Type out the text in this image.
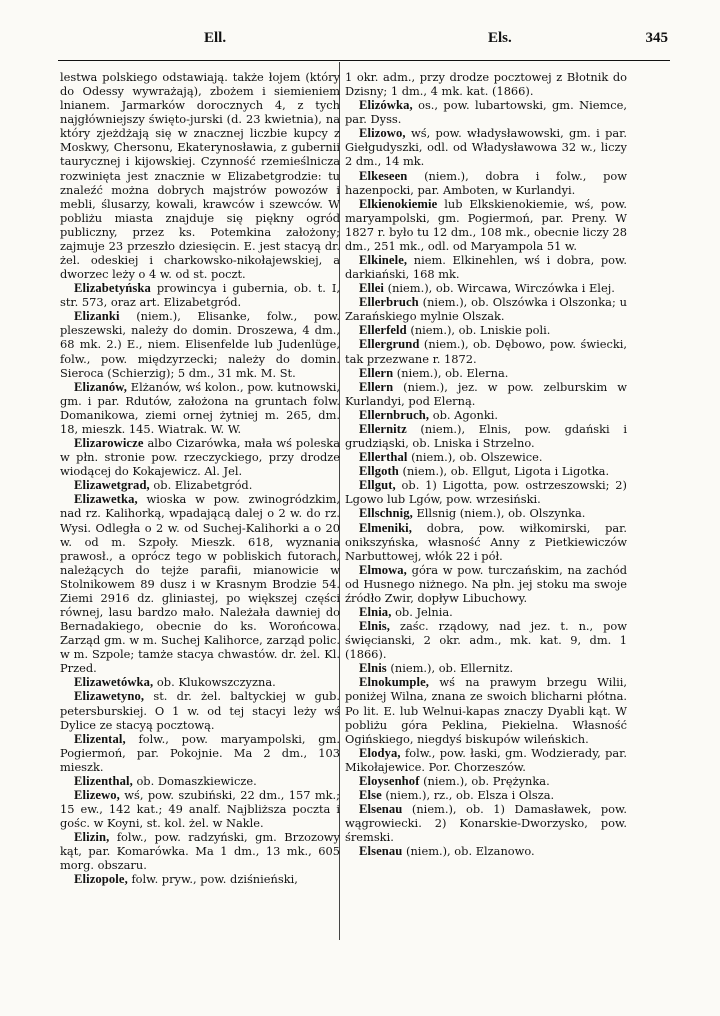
Ell.	Els.	345
lestwa polskiego odstawiają. także łojem (który do Odessy wywrażają), zbożem i siemieniem lnianem. Jarmarków dorocznych 4, z tych najgłówniejszy święto-jurski (d. 23 kwietnia), na który zjeżdżają się w znacznej liczbie kupcy z Moskwy, Chersonu, Ekaterynosławia, z gubernii taurycznej i kijowskiej. Czynność rzemieślnicza rozwinięta jest znacznie w Elizabetgrodzie: tu znaleźć można dobrych majstrów powozów i mebli, ślusarzy, kowali, krawców i szewców. W pobliżu miasta znajduje się piękny ogród publiczny, przez ks. Potemkina założony; zajmuje 23 przeszło dziesięcin. E. jest stacyą dr. żel. odeskiej i charkowsko-nikołajewskiej, a dworzec leży o 4 w. od st. poczt.
Elizabetyńska prowincya i gubernia, ob. t. I, str. 573, oraz art. Elizabetgród.
Elizanki (niem.), Elisanke, folw., pow. pleszewski, należy do domin. Droszewa, 4 dm., 68 mk. 2.) E., niem. Elisenfelde lub Judenlüge, folw., pow. międzyrzecki; należy do domin. Sieroca (Schierzig); 5 dm., 31 mk. M. St.
Elizanów, Elżanów, wś kolon., pow. kutnowski, gm. i par. Rdutów, założona na gruntach folw. Domanikowa, ziemi ornej żytniej m. 265, dm. 18, mieszk. 145. Wiatrak. W. W.
Elizarowicze albo Cizarówka, mała wś poleska w płn. stronie pow. rzeczyckiego, przy drodze wiodącej do Kokajewicz. Al. Jel.
Elizawetgrad, ob. Elizabetgród.
Elizawetka, wioska w pow. zwinogródzkim, nad rz. Kalihorką, wpadającą dalej o 2 w. do rz. Wysi. Odległa o 2 w. od Suchej-Kalihorki a o 20 w. od m. Szpoły. Mieszk. 618, wyznania prawosł., a oprócz tego w pobliskich futorach, należących do tejże parafii, mianowicie w Stolnikowem 89 dusz i w Krasnym Brodzie 54. Ziemi 2916 dz. gliniastej, po większej części równej, lasu bardzo mało. Należała dawniej do Bernadakiego, obecnie do ks. Worońcowa. Zarząd gm. w m. Suchej Kalihorce, zarząd polic. w m. Szpole; tamże stacya chwastów. dr. żel. Kl. Przed.
Elizawetówka, ob. Klukowszczyzna.
Elizawetyno, st. dr. żel. baltyckiej w gub. petersburskiej. O 1 w. od tej stacyi leży wś Dylice ze stacyą pocztową.
Elizental, folw., pow. maryampolski, gm. Pogiermoń, par. Pokojnie. Ma 2 dm., 103 mieszk.
Elizenthal, ob. Domaszkiewicze.
Elizewo, wś, pow. szubiński, 22 dm., 157 mk.; 15 ew., 142 kat.; 49 analf. Najbliższa poczta i gośc. w Koyni, st. kol. żel. w Nakle.
Elizin, folw., pow. radzyński, gm. Brzozowy kąt, par. Komarówka. Ma 1 dm., 13 mk., 605 morg. obszaru.
Elizopole, folw. pryw., pow. dziśnieński,
1 okr. adm., przy drodze pocztowej z Błotnik do Dzisny; 1 dm., 4 mk. kat. (1866).
Elizówka, os., pow. lubartowski, gm. Niemce, par. Dyss.
Elizowo, wś, pow. władysławowski, gm. i par. Giełgudyszki, odl. od Władysławowa 32 w., liczy 2 dm., 14 mk.
Elkeseen (niem.), dobra i folw., pow hazenpocki, par. Amboten, w Kurlandyi.
Elkienokiemie lub Elkskienokiemie, wś, pow. maryampolski, gm. Pogiermoń, par. Preny. W 1827 r. było tu 12 dm., 108 mk., obecnie liczy 28 dm., 251 mk., odl. od Maryampola 51 w.
Elkinele, niem. Elkinehlen, wś i dobra, pow. darkiański, 168 mk.
Ellei (niem.), ob. Wircawa, Wirczówka i Elej.
Ellerbruch (niem.), ob. Olszówka i Olszonka; u Zarańskiego mylnie Olszak.
Ellerfeld (niem.), ob. Lniskie poli.
Ellergrund (niem.), ob. Dębowo, pow. świecki, tak przezwane r. 1872.
Ellern (niem.), ob. Elerna.
Ellern (niem.), jez. w pow. zelburskim w Kurlandyi, pod Elerną.
Ellernbruch, ob. Agonki.
Ellernitz (niem.), Elnis, pow. gdański i grudziąski, ob. Lniska i Strzelno.
Ellerthal (niem.), ob. Olszewice.
Ellgoth (niem.), ob. Ellgut, Ligota i Ligotka.
Ellgut, ob. 1) Ligotta, pow. ostrzeszowski; 2) Lgowo lub Lgów, pow. wrzesiński.
Ellschnig, Ellsnig (niem.), ob. Olszynka.
Elmeniki, dobra, pow. wiłkomirski, par. onikszyńska, własność Anny z Pietkiewiczów Narbuttowej, włók 22 i pół.
Elmowa, góra w pow. turczańskim, na zachód od Husnego niżnego. Na płn. jej stoku ma swoje źródło Zwir, dopływ Libuchowy.
Elnia, ob. Jelnia.
Elnis, zaśc. rządowy, nad jez. t. n., pow święcianski, 2 okr. adm., mk. kat. 9, dm. 1 (1866).
Elnis (niem.), ob. Ellernitz.
Elnokumple, wś na prawym brzegu Wilii, poniżej Wilna, znana ze swoich blicharni płótna. Po lit. E. lub Welnui-kapas znaczy Dyabli kąt. W pobliżu góra Peklina, Piekielna. Własność Ogińskiego, niegdyś biskupów wileńskich.
Elodya, folw., pow. łaski, gm. Wodzierady, par. Mikołajewice. Por. Chorzeszów.
Eloysenhof (niem.), ob. Prężynka.
Else (niem.), rz., ob. Elsza i Olsza.
Elsenau (niem.), ob. 1) Damasławek, pow. wągrowiecki. 2) Konarskie-Dworzysko, pow. śremski.
Elsenau (niem.), ob. Elzanowo.
